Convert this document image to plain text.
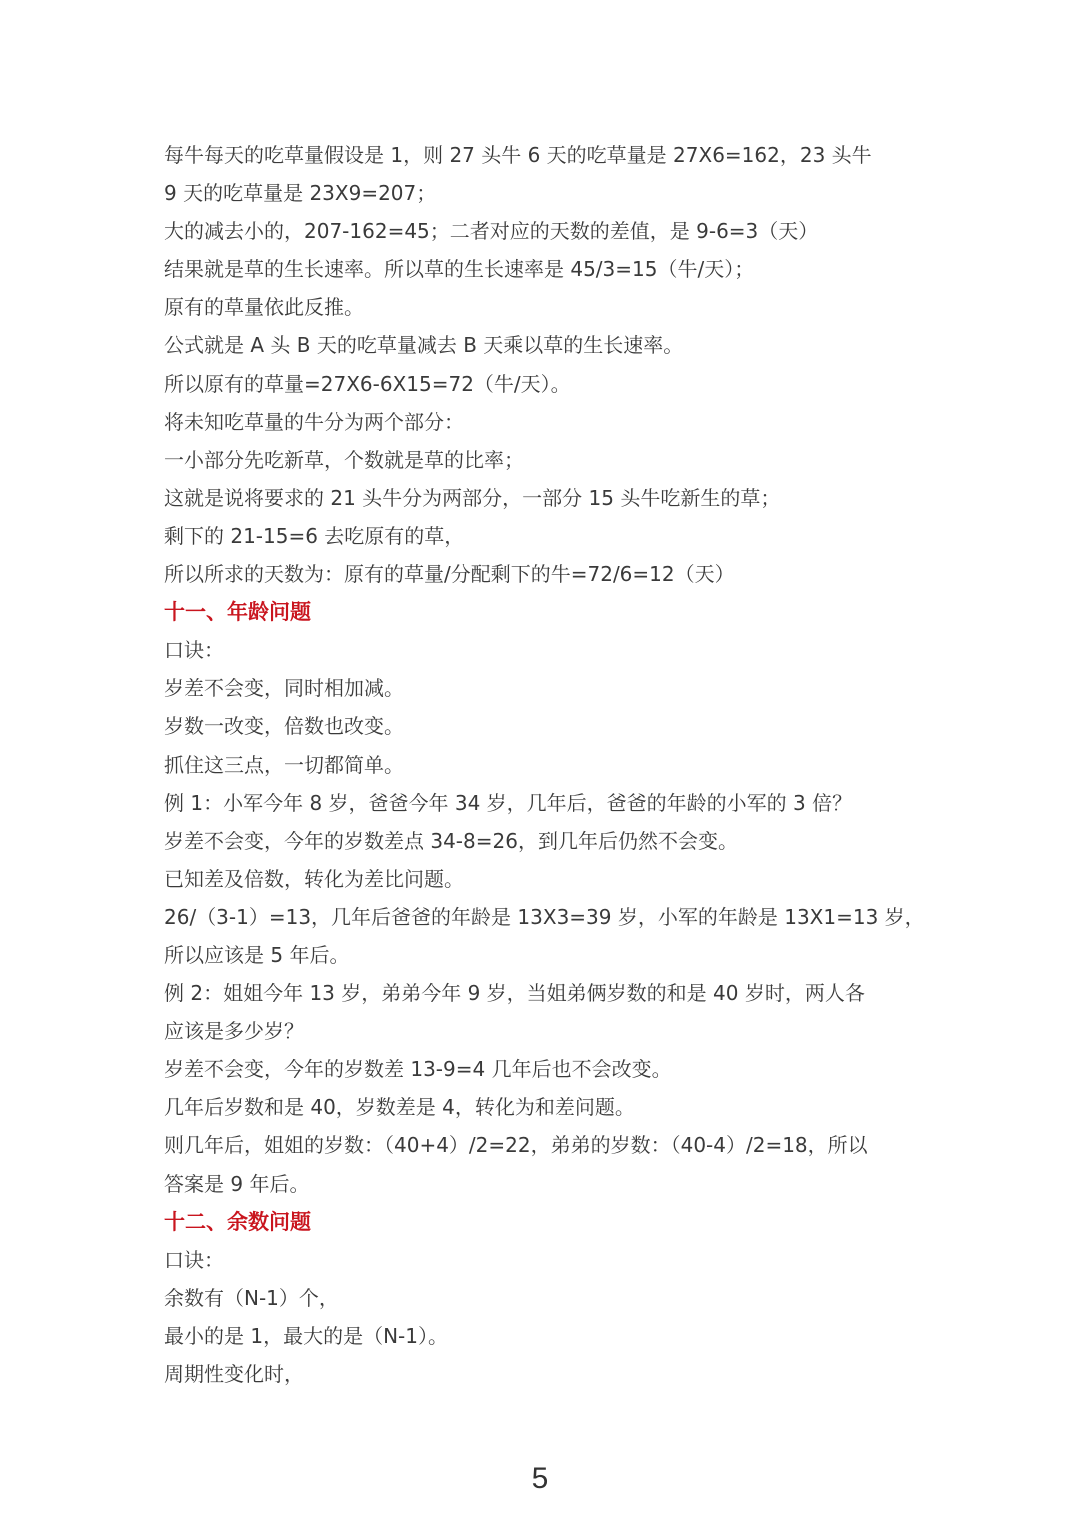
每牛每天的吃草量假设是 1，则 27 头牛 6 天的吃草量是 27X6=162，23 头牛
9 天的吃草量是 23X9=207；
大的减去小的，207-162=45；二者对应的天数的差值，是 9-6=3（天）
结果就是草的生长速率。所以草的生长速率是 45/3=15（牛/天）；
原有的草量依此反推。
公式就是 A 头 B 天的吃草量减去 B 天乘以草的生长速率。
所以原有的草量=27X6-6X15=72（牛/天）。
将未知吃草量的牛分为两个部分：
一小部分先吃新草，个数就是草的比率；
这就是说将要求的 21 头牛分为两部分，一部分 15 头牛吃新生的草；
剩下的 21-15=6 去吃原有的草，
所以所求的天数为：原有的草量/分配剩下的牛=72/6=12（天）
十一、年龄问题
口诀：
岁差不会变，同时相加减。
岁数一改变，倍数也改变。
抓住这三点，一切都简单。
例 1：小军今年 8 岁，爸爸今年 34 岁，几年后，爸爸的年龄的小军的 3 倍？
岁差不会变，今年的岁数差点 34-8=26，到几年后仍然不会变。
已知差及倍数，转化为差比问题。
26/（3-1）=13，几年后爸爸的年龄是 13X3=39 岁，小军的年龄是 13X1=13 岁，
所以应该是 5 年后。
例 2：姐姐今年 13 岁，弟弟今年 9 岁，当姐弟俩岁数的和是 40 岁时，两人各
应该是多少岁？
岁差不会变，今年的岁数差 13-9=4 几年后也不会改变。
几年后岁数和是 40，岁数差是 4，转化为和差问题。
则几年后，姐姐的岁数：（40+4）/2=22，弟弟的岁数：（40-4）/2=18，所以
答案是 9 年后。
十二、余数问题
口诀：
余数有（N-1）个，
最小的是 1，最大的是（N-1）。
周期性变化时，
5
